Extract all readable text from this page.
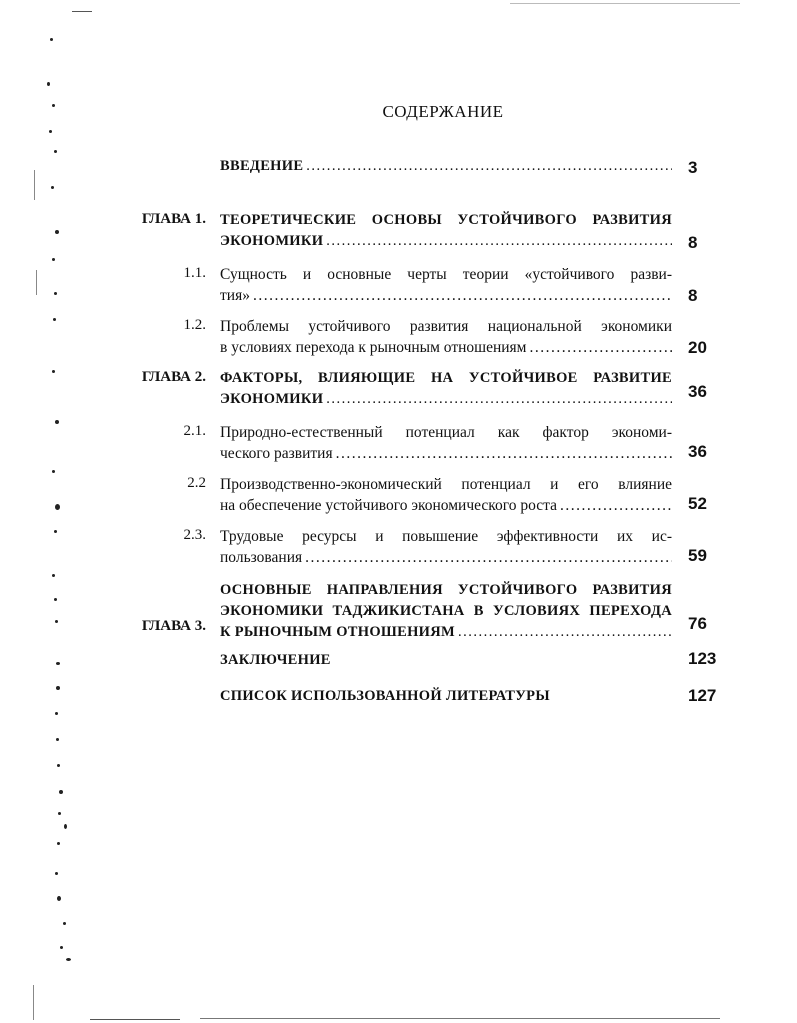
СОДЕРЖАНИЕ
ВВЕДЕНИЕ .....	3
ГЛАВА 1. ТЕОРЕТИЧЕСКИЕ ОСНОВЫ УСТОЙЧИВОГО РАЗВИТИЯ
ЭКОНОМИКИ .....	8
1.1. Сущность и основные черты теории «устойчивого разви-
тия» .....	8
1.2. Проблемы устойчивого развития национальной экономики
в условиях перехода к рыночным отношениям .....	20
ГЛАВА 2. ФАКТОРЫ, ВЛИЯЮЩИЕ НА УСТОЙЧИВОЕ РАЗВИТИЕ
ЭКОНОМИКИ .....	36
2.1. Природно-естественный потенциал как фактор экономи-
ческого развития .....	36
2.2 Производственно-экономический потенциал и его влияние
на обеспечение устойчивого экономического роста .....	52
2.3. Трудовые ресурсы и повышение эффективности их ис-
пользования .....	59
ГЛАВА 3.
ОСНОВНЫЕ НАПРАВЛЕНИЯ УСТОЙЧИВОГО РАЗВИТИЯ
ЭКОНОМИКИ ТАДЖИКИСТАНА В УСЛОВИЯХ ПЕРЕХОДА
К РЫНОЧНЫМ ОТНОШЕНИЯМ .....	76
ЗАКЛЮЧЕНИЕ	123
СПИСОК ИСПОЛЬЗОВАННОЙ ЛИТЕРАТУРЫ	127
